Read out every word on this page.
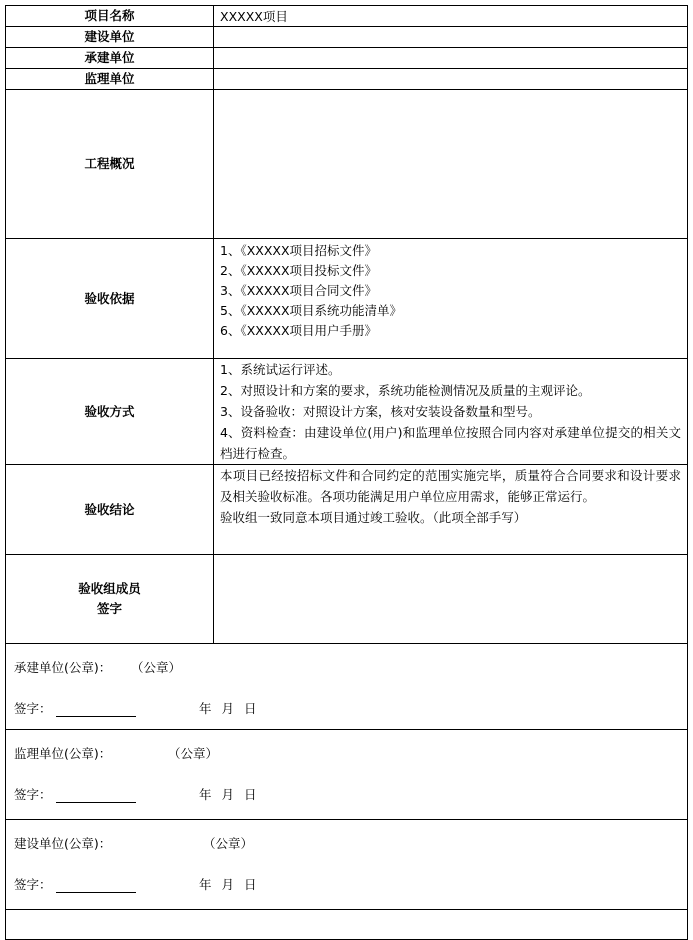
项目名称	XXXXX项目
建设单位	
承建单位	
监理单位	
工程概况	
验收依据	1、《XXXXX项目招标文件》
2、《XXXXX项目投标文件》
3、《XXXXX项目合同文件》
5、《XXXXX项目系统功能清单》
6、《XXXXX项目用户手册》

验收方式	1、系统试运行评述。
2、对照设计和方案的要求，系统功能检测情况及质量的主观评论。
3、设备验收：对照设计方案，核对安装设备数量和型号。
4、资料检查：由建设单位(用户)和监理单位按照合同内容对承建单位提交的相关文档进行检查。

验收结论	本项目已经按招标文件和合同约定的范围实施完毕，质量符合合同要求和设计要求及相关验收标准。各项功能满足用户单位应用需求，能够正常运行。
验收组一致同意本项目通过竣工验收。（此项全部手写）

验收组成员
签字	

承建单位(公章)： （公章）
签字： 年 月 日	

监理单位(公章)： （公章）
签字： 年 月 日	

建设单位(公章)： （公章）
签字： 年 月 日	
